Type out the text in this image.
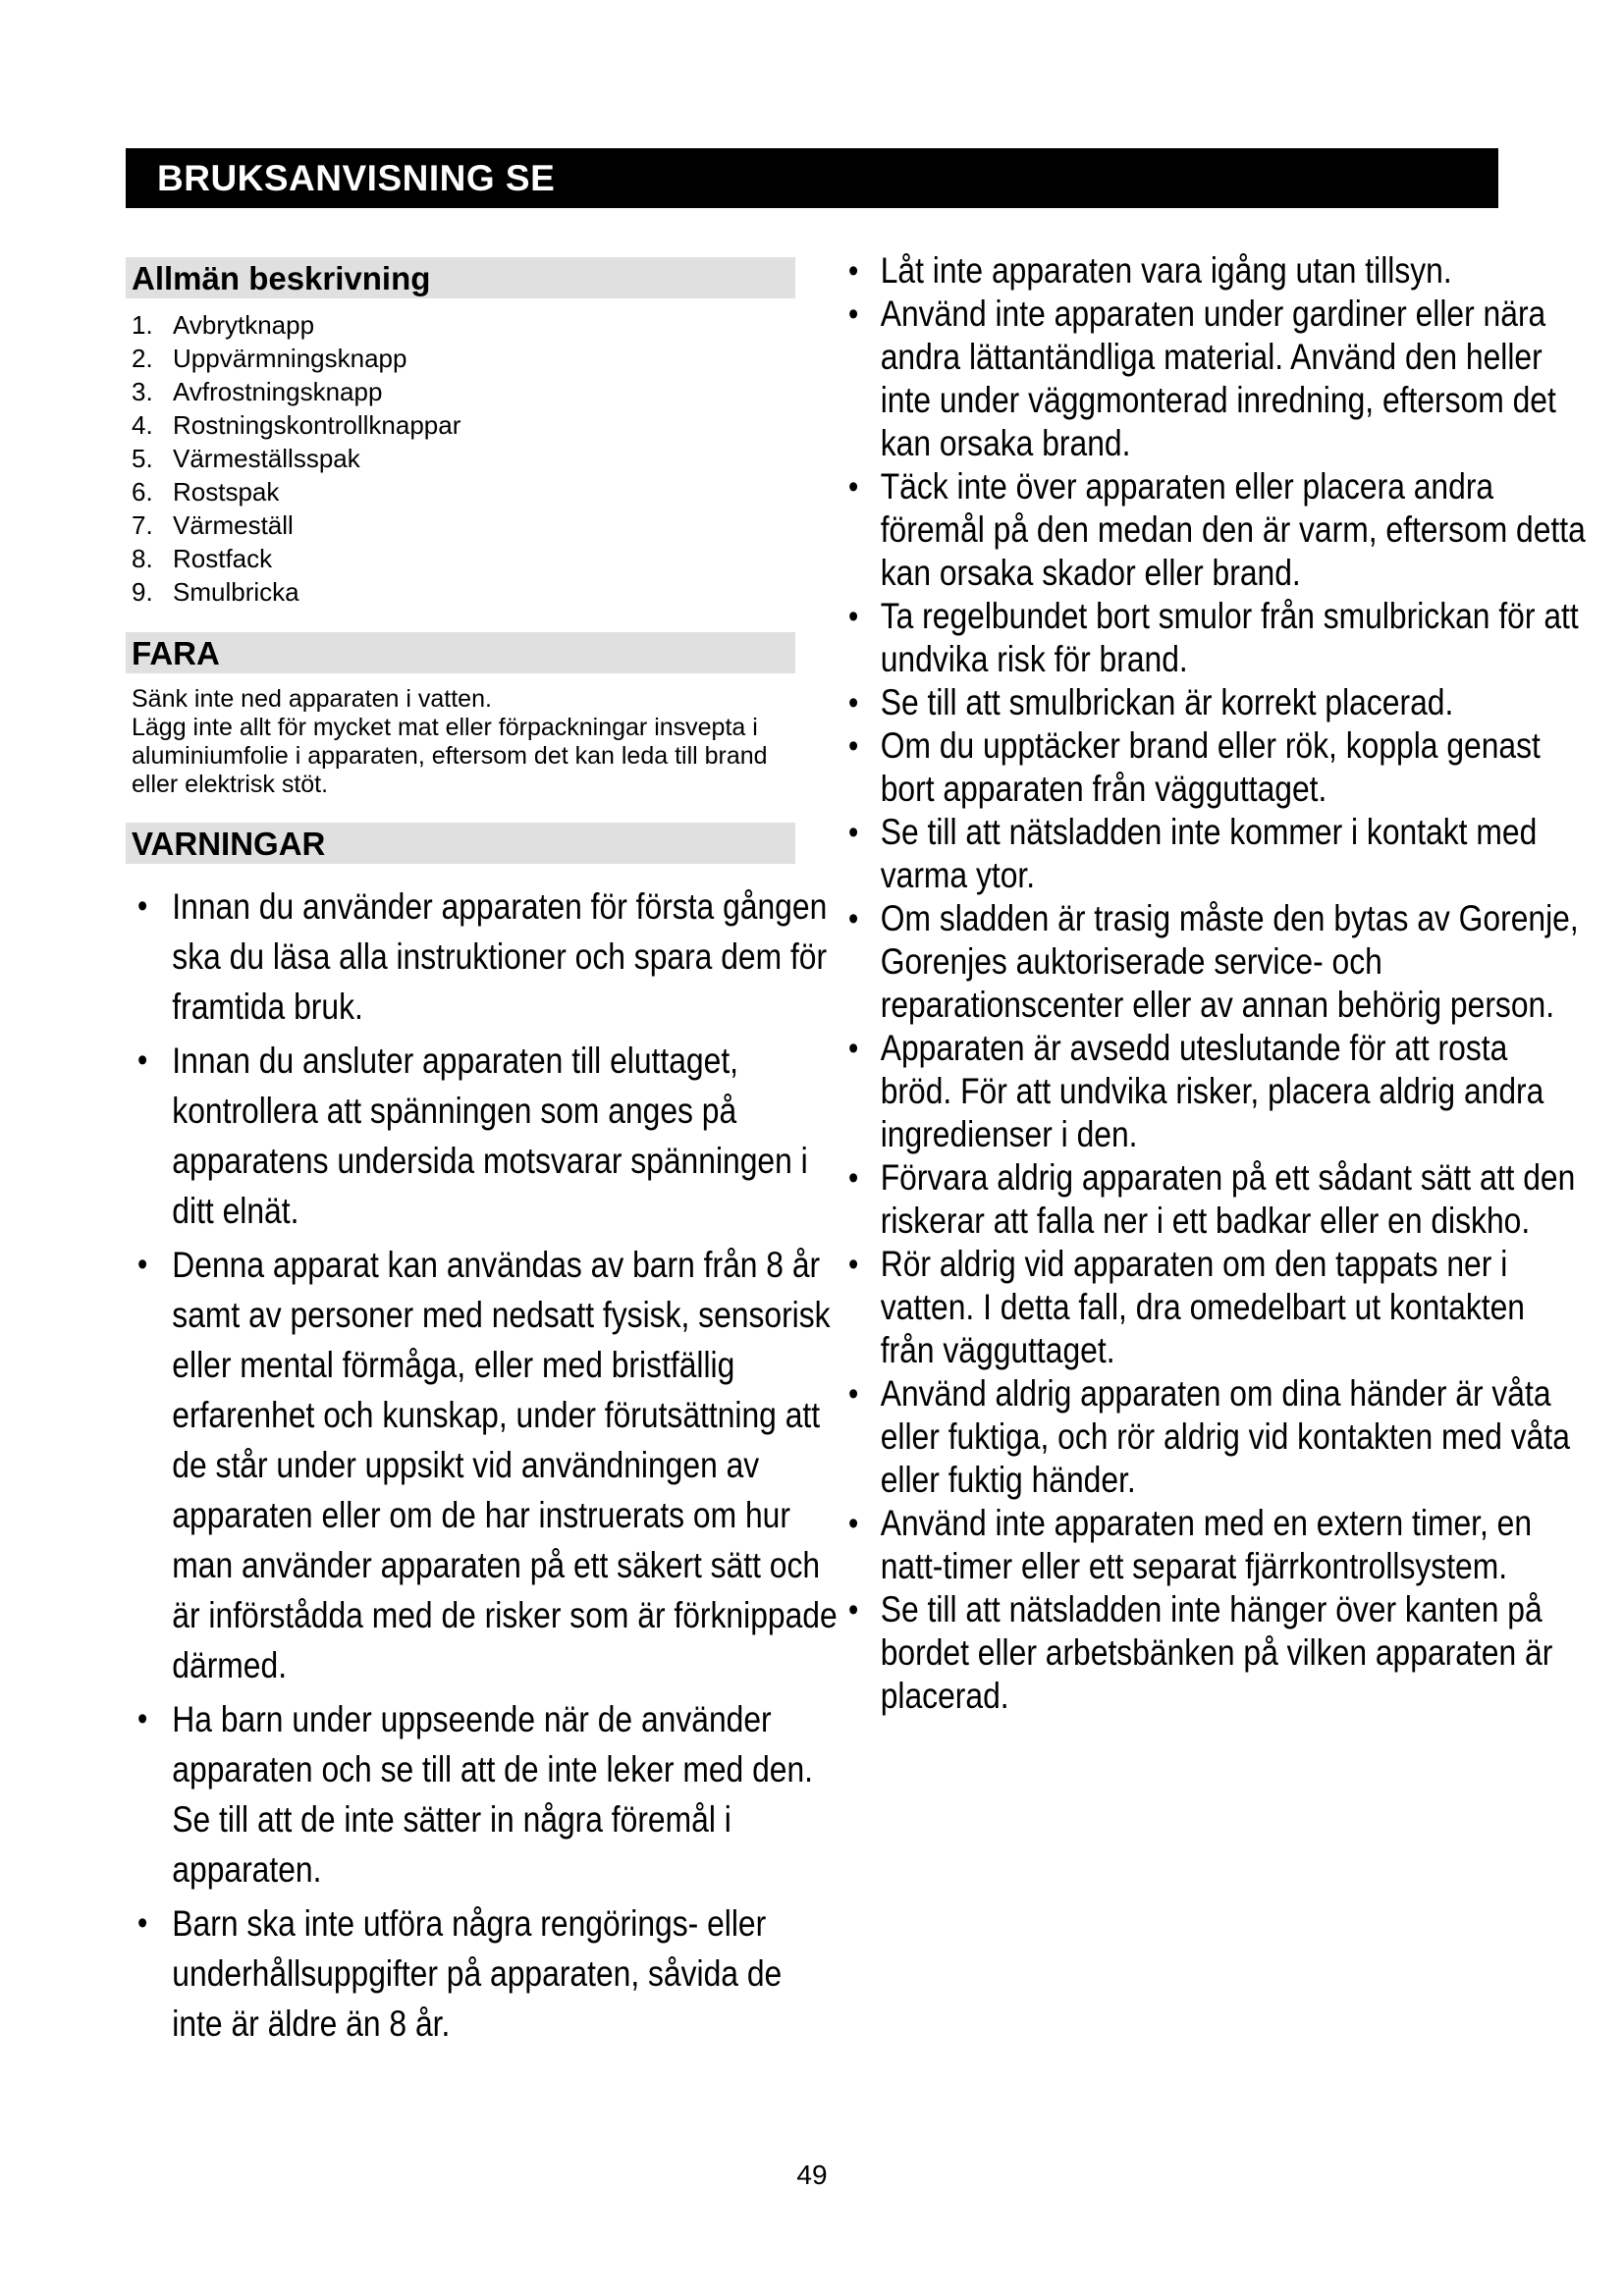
BRUKSANVISNING SE
Allmän beskrivning
1. Avbrytknapp
2. Uppvärmningsknapp
3. Avfrostningsknapp
4. Rostningskontrollknappar
5. Värmeställsspak
6. Rostspak
7. Värmeställ
8. Rostfack
9. Smulbricka
FARA

Sänk inte ned apparaten i vatten.

Lägg inte allt för mycket mat eller förpackningar insvepta i aluminiumfolie i apparaten, eftersom det kan leda till brand eller elektrisk stöt.

VARNINGAR
• Innan du använder apparaten för första gången ska du läsa alla instruktioner och spara dem för framtida bruk.
• Innan du ansluter apparaten till eluttaget, kontrollera att spänningen som anges på apparatens undersida motsvarar spänningen i ditt elnät.
• Denna apparat kan användas av barn från 8 år samt av personer med nedsatt fysisk, sensorisk eller mental förmåga, eller med bristfällig erfarenhet och kunskap, under förutsättning att de står under uppsikt vid användningen av apparaten eller om de har instruerats om hur man använder apparaten på ett säkert sätt och är införstådda med de risker som är förknippade därmed.
• Ha barn under uppseende när de använder apparaten och se till att de inte leker med den. Se till att de inte sätter in några föremål i apparaten.
• Barn ska inte utföra några rengörings- eller underhållsuppgifter på apparaten, såvida de inte är äldre än 8 år.
• Låt inte apparaten vara igång utan tillsyn.
• Använd inte apparaten under gardiner eller nära andra lättantändliga material. Använd den heller inte under väggmonterad inredning, eftersom det kan orsaka brand.
• Täck inte över apparaten eller placera andra föremål på den medan den är varm, eftersom detta kan orsaka skador eller brand.
• Ta regelbundet bort smulor från smulbrickan för att undvika risk för brand.
• Se till att smulbrickan är korrekt placerad.
• Om du upptäcker brand eller rök, koppla genast bort apparaten från vägguttaget.
• Se till att nätsladden inte kommer i kontakt med varma ytor.
• Om sladden är trasig måste den bytas av Gorenje, Gorenjes auktoriserade service- och reparationscenter eller av annan behörig person.
• Apparaten är avsedd uteslutande för att rosta bröd. För att undvika risker, placera aldrig andra ingredienser i den.
• Förvara aldrig apparaten på ett sådant sätt att den riskerar att falla ner i ett badkar eller en diskho.
• Rör aldrig vid apparaten om den tappats ner i vatten. I detta fall, dra omedelbart ut kontakten från vägguttaget.
• Använd aldrig apparaten om dina händer är våta eller fuktiga, och rör aldrig vid kontakten med våta eller fuktig händer.
• Använd inte apparaten med en extern timer, en natt-timer eller ett separat fjärrkontrollsystem.
• Se till att nätsladden inte hänger över kanten på bordet eller arbetsbänken på vilken apparaten är placerad.
49
